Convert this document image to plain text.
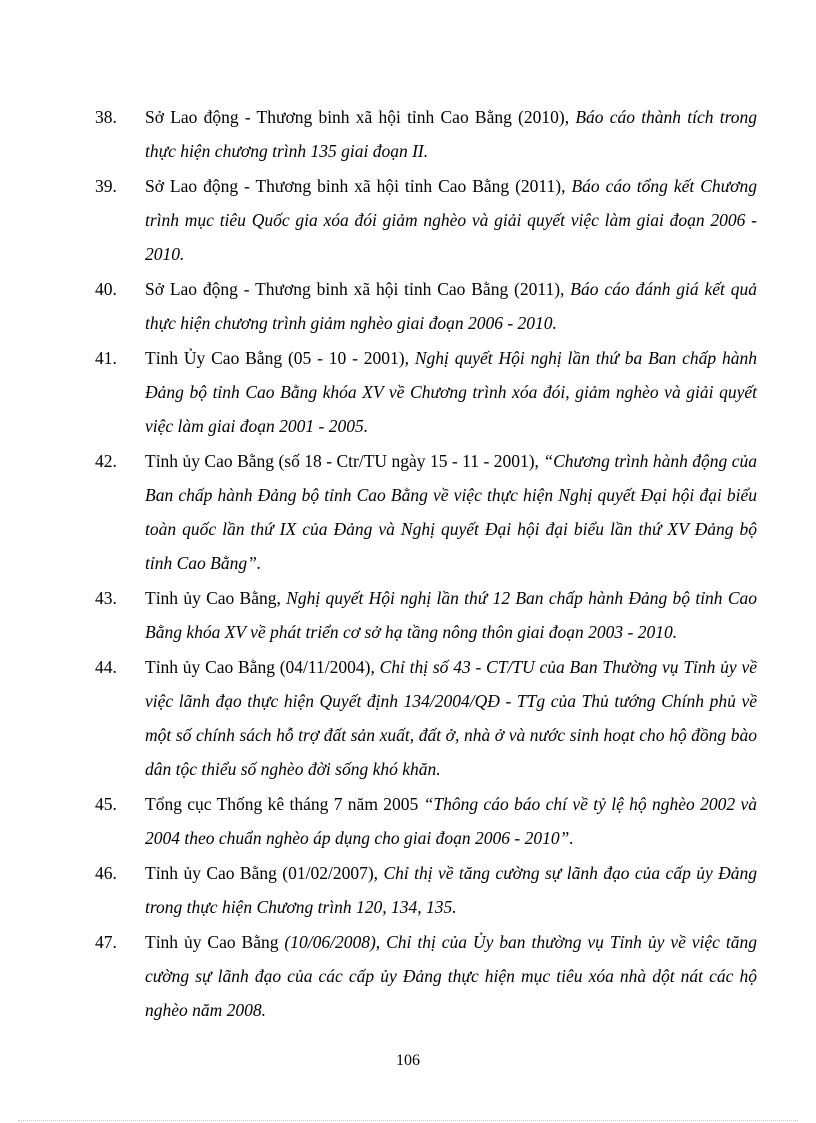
38.	Sở Lao động - Thương binh xã hội tỉnh Cao Bằng (2010), Báo cáo thành tích trong thực hiện chương trình 135 giai đoạn II.
39.	Sở Lao động - Thương binh xã hội tỉnh Cao Bằng (2011), Báo cáo tổng kết Chương trình mục tiêu Quốc gia xóa đói giảm nghèo và giải quyết việc làm giai đoạn 2006 - 2010.
40.	Sở Lao động - Thương binh xã hội tỉnh Cao Bằng (2011), Báo cáo đánh giá kết quả thực hiện chương trình giảm nghèo giai đoạn 2006 - 2010.
41.	Tỉnh Ủy Cao Bằng (05 - 10 - 2001), Nghị quyết Hội nghị lần thứ ba Ban chấp hành Đảng bộ tỉnh Cao Bằng khóa XV về Chương trình xóa đói, giảm nghèo và giải quyết việc làm giai đoạn 2001 - 2005.
42.	Tỉnh ủy Cao Bằng (số 18 - Ctr/TU ngày 15 - 11 - 2001), “Chương trình hành động của Ban chấp hành Đảng bộ tỉnh Cao Bằng về việc thực hiện Nghị quyết Đại hội đại biểu toàn quốc lần thứ IX của Đảng và Nghị quyết Đại hội đại biểu lần thứ XV Đảng bộ tỉnh Cao Bằng”.
43.	Tỉnh ủy Cao Bằng, Nghị quyết Hội nghị lần thứ 12 Ban chấp hành Đảng bộ tỉnh Cao Bằng khóa XV về phát triển cơ sở hạ tầng nông thôn giai đoạn 2003 - 2010.
44.	Tỉnh ủy Cao Bằng (04/11/2004), Chỉ thị số 43 - CT/TU của Ban Thường vụ Tỉnh ủy về việc lãnh đạo thực hiện Quyết định 134/2004/QĐ - TTg của Thủ tướng Chính phủ về một số chính sách hỗ trợ đất sản xuất, đất ở, nhà ở và nước sinh hoạt cho hộ đồng bào dân tộc thiểu số nghèo đời sống khó khăn.
45.	Tổng cục Thống kê tháng 7 năm 2005 “Thông cáo báo chí về tỷ lệ hộ nghèo 2002 và 2004 theo chuẩn nghèo áp dụng cho giai đoạn 2006 - 2010”.
46.	Tỉnh ủy Cao Bằng (01/02/2007), Chỉ thị về tăng cường sự lãnh đạo của cấp ủy Đảng trong thực hiện Chương trình 120, 134, 135.
47.	Tỉnh ủy Cao Bằng (10/06/2008), Chỉ thị của Ủy ban thường vụ Tỉnh ủy về việc tăng cường sự lãnh đạo của các cấp ủy Đảng thực hiện mục tiêu xóa nhà dột nát các hộ nghèo năm 2008.
106
